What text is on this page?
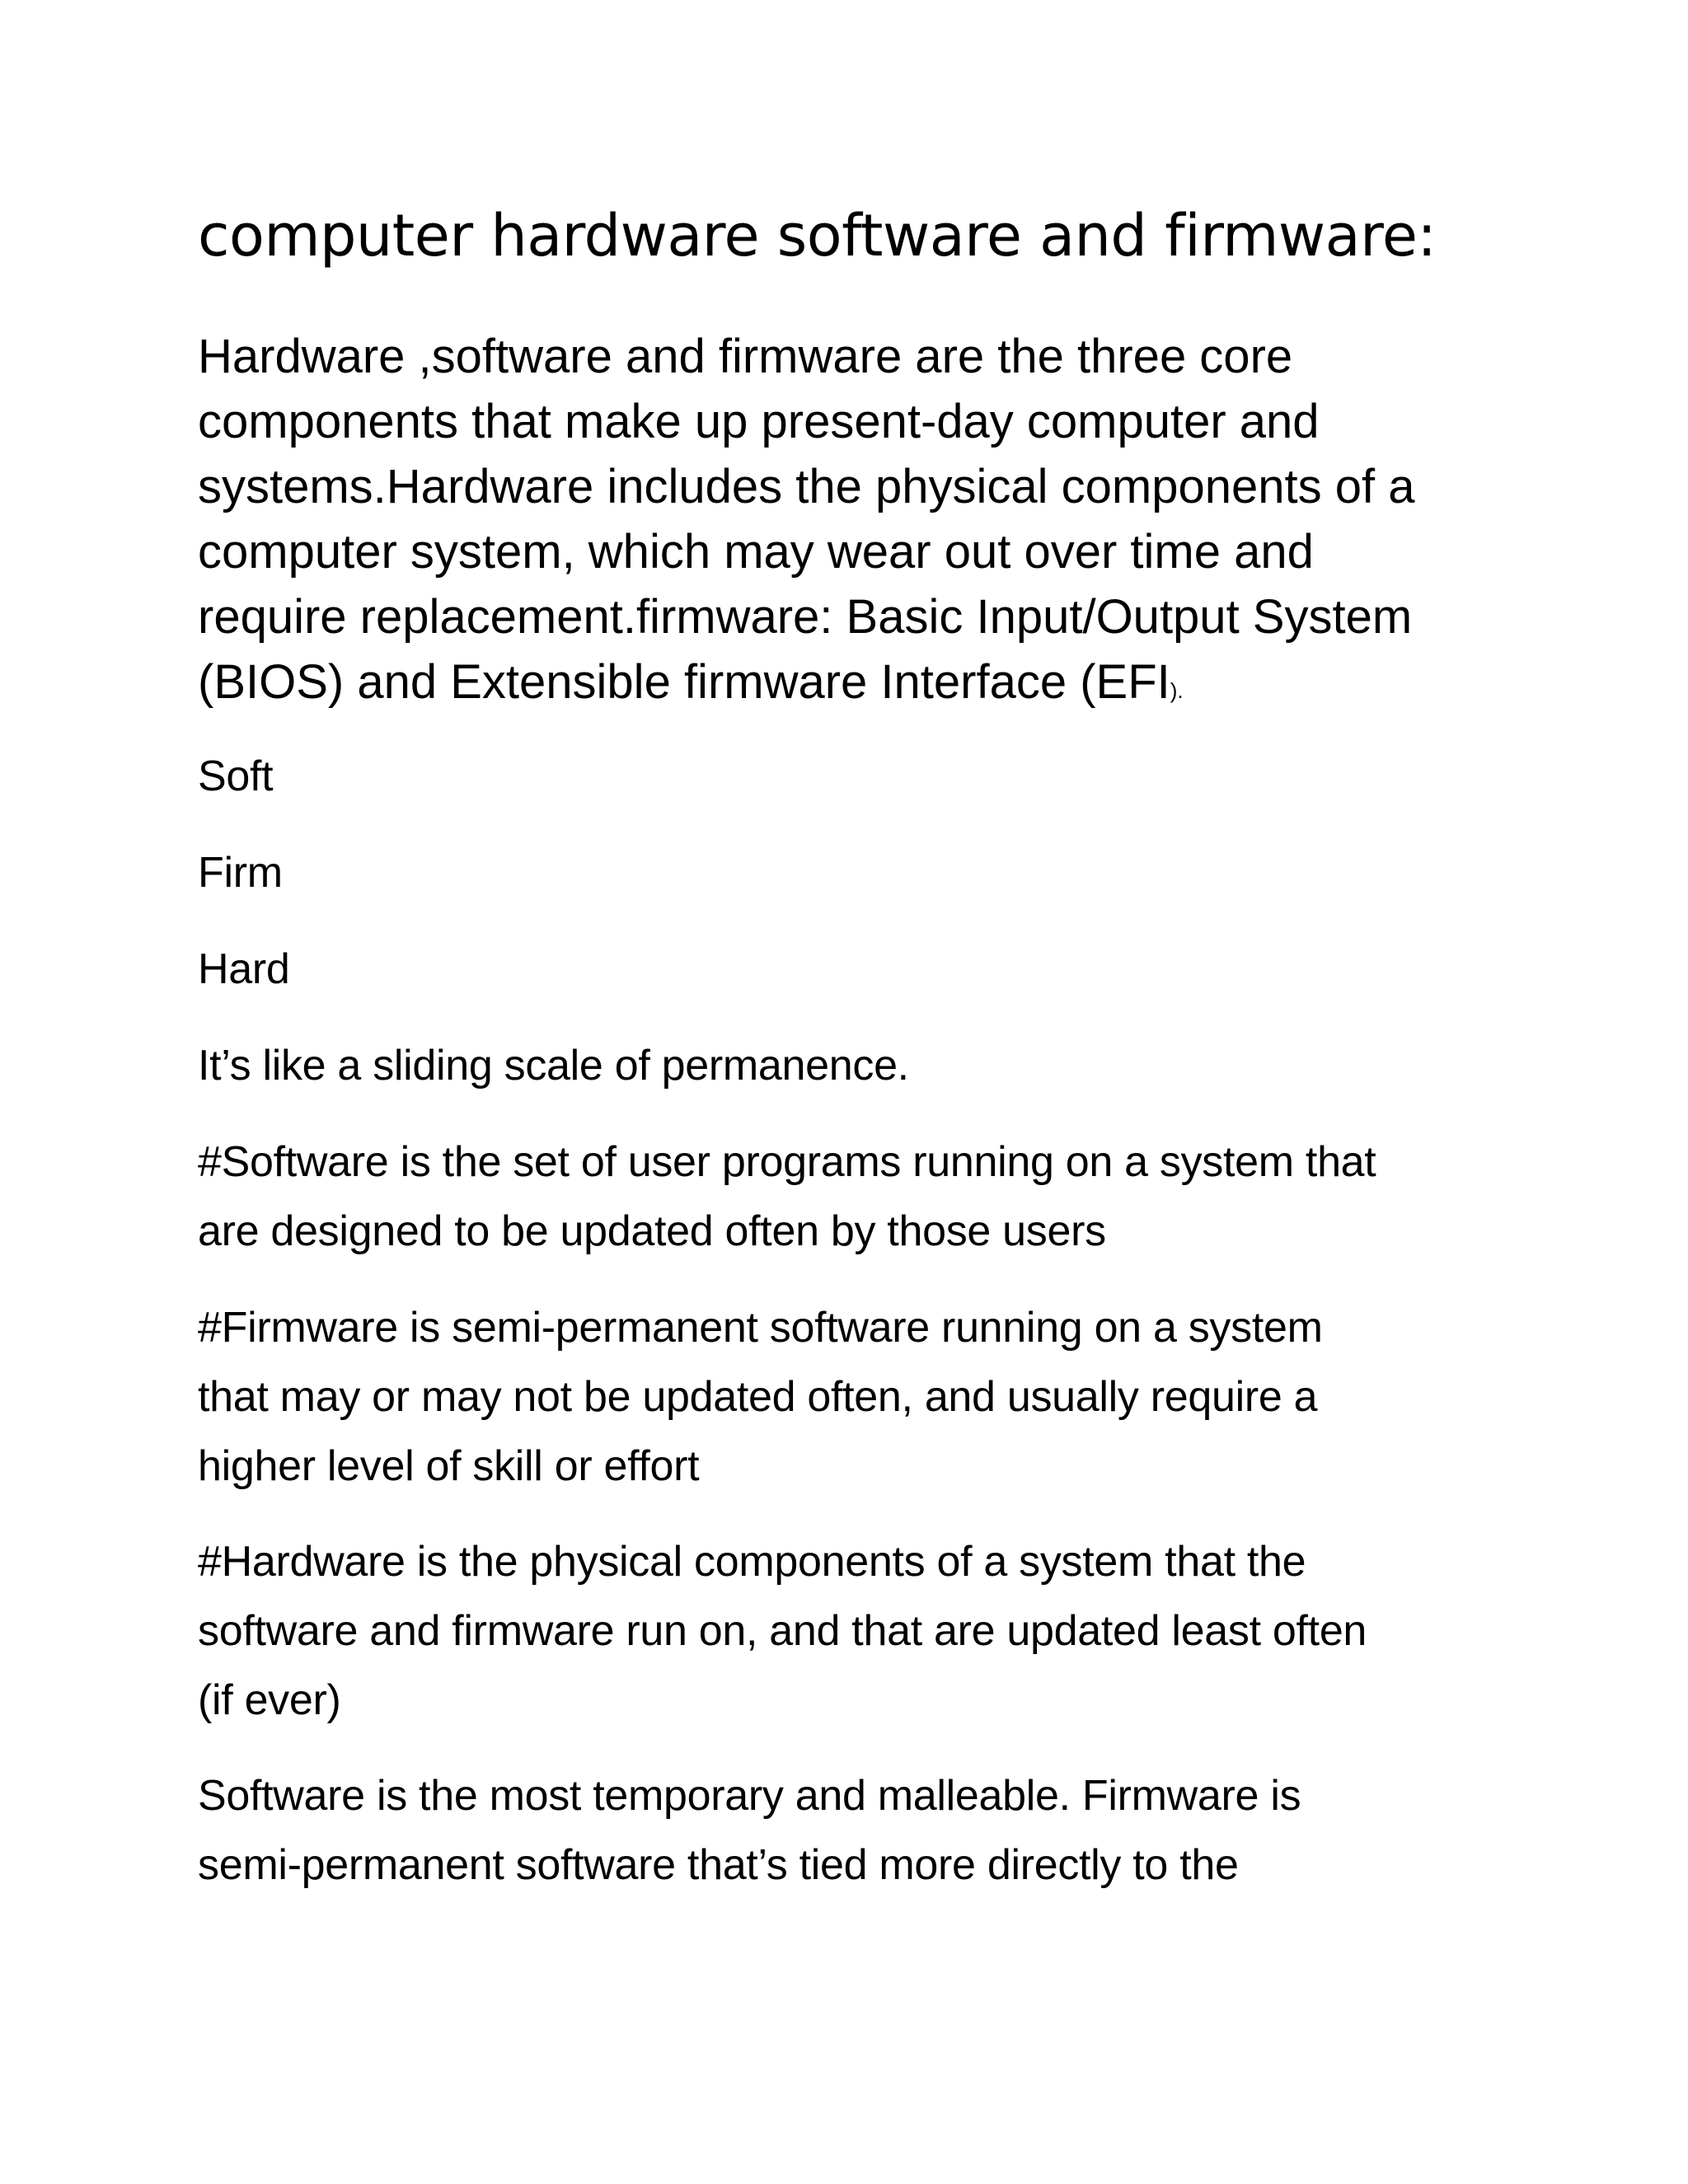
computer hardware software and firmware:
Hardware ,software and firmware are the three core
components that make up present-day computer and
systems.Hardware includes the physical components of a
computer system, which may wear out over time and
require replacement.firmware: Basic Input/Output System
(BIOS) and Extensible firmware Interface (EFI).
Soft
Firm
Hard
It’s like a sliding scale of permanence.
#Software is the set of user programs running on a system that
are designed to be updated often by those users
#Firmware is semi-permanent software running on a system
that may or may not be updated often, and usually require a
higher level of skill or effort
#Hardware is the physical components of a system that the
software and firmware run on, and that are updated least often
(if ever)
Software is the most temporary and malleable. Firmware is
semi-permanent software that’s tied more directly to the
